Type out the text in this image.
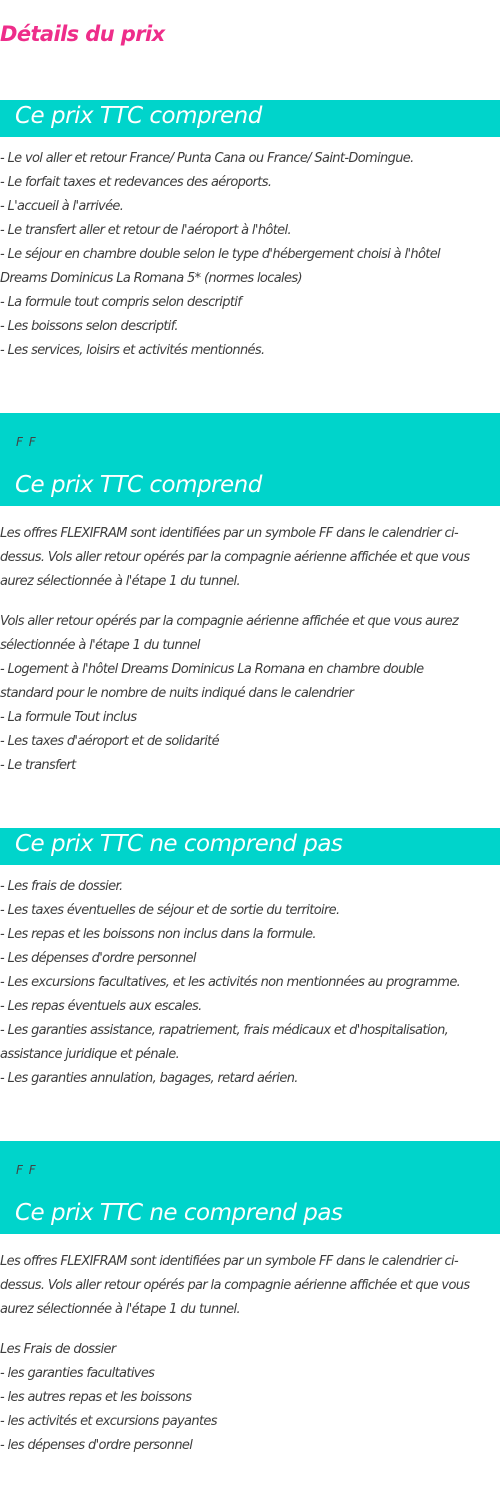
Détails du prix
Ce prix TTC comprend

- Le vol aller et retour France/ Punta Cana ou France/ Saint-Domingue.

- Le forfait taxes et redevances des aéroports.

- L'accueil à l'arrivée.

- Le transfert aller et retour de l'aéroport à l'hôtel.

- Le séjour en chambre double selon le type d'hébergement choisi à l'hôtel

Dreams Dominicus La Romana 5* (normes locales)

- La formule tout compris selon descriptif

- Les boissons selon descriptif.

- Les services, loisirs et activités mentionnés.

F F
Ce prix TTC comprend

Les offres FLEXIFRAM sont identifiées par un symbole FF dans le calendrier ci-dessus. Vols aller retour opérés par la compagnie aérienne affichée et que vous aurez sélectionnée à l'étape 1 du tunnel.

Vols aller retour opérés par la compagnie aérienne affichée et que vous aurez

sélectionnée à l'étape 1 du tunnel

- Logement à l'hôtel Dreams Dominicus La Romana en chambre double

standard pour le nombre de nuits indiqué dans le calendrier

- La formule Tout inclus

- Les taxes d'aéroport et de solidarité

- Le transfert

Ce prix TTC ne comprend pas

- Les frais de dossier.

- Les taxes éventuelles de séjour et de sortie du territoire.

- Les repas et les boissons non inclus dans la formule.

- Les dépenses d'ordre personnel

- Les excursions facultatives, et les activités non mentionnées au programme.

- Les repas éventuels aux escales.

- Les garanties assistance, rapatriement, frais médicaux et d'hospitalisation,

assistance juridique et pénale.

- Les garanties annulation, bagages, retard aérien.

F F
Ce prix TTC ne comprend pas

Les offres FLEXIFRAM sont identifiées par un symbole FF dans le calendrier ci-dessus. Vols aller retour opérés par la compagnie aérienne affichée et que vous aurez sélectionnée à l'étape 1 du tunnel.

Les Frais de dossier

- les garanties facultatives

- les autres repas et les boissons

- les activités et excursions payantes

- les dépenses d'ordre personnel
